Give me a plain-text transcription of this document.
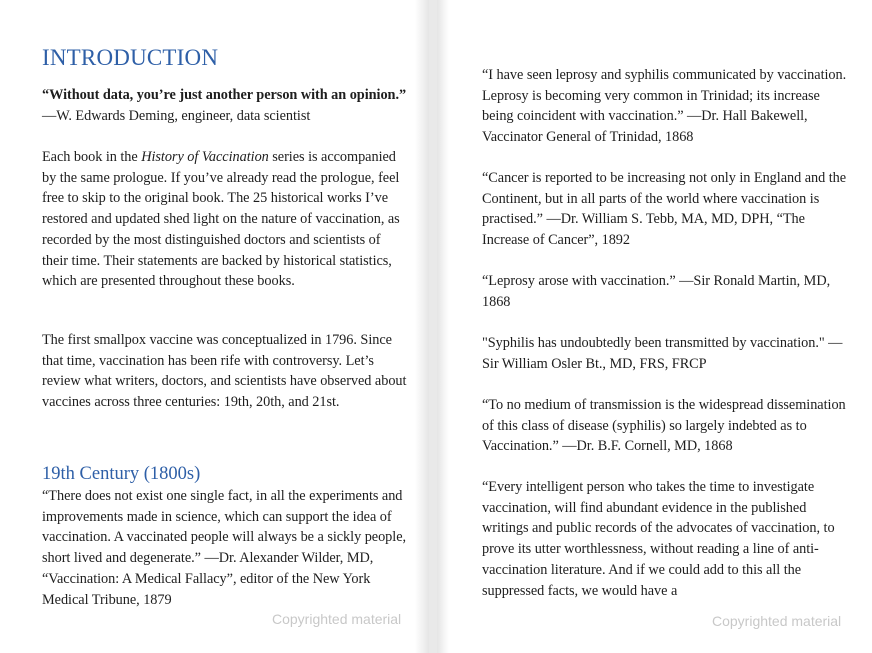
INTRODUCTION

“Without data, you’re just another person with an opinion.” —W. Edwards Deming, engineer, data scientist

Each book in the History of Vaccination series is accompanied by the same prologue. If you’ve already read the prologue, feel free to skip to the original book. The 25 historical works I’ve restored and updated shed light on the nature of vaccination, as recorded by the most distinguished doctors and scientists of their time. Their statements are backed by historical statistics, which are presented throughout these books.

The first smallpox vaccine was conceptualized in 1796. Since that time, vaccination has been rife with controversy. Let’s review what writers, doctors, and scientists have observed about vaccines across three centuries: 19th, 20th, and 21st.

19th Century (1800s)

“There does not exist one single fact, in all the experiments and improvements made in science, which can support the idea of vaccination. A vaccinated people will always be a sickly people, short lived and degenerate.” —Dr. Alexander Wilder, MD, “Vaccination: A Medical Fallacy”, editor of the New York Medical Tribune, 1879

Copyrighted material

“I have seen leprosy and syphilis communicated by vaccination. Leprosy is becoming very common in Trinidad; its increase being coincident with vaccination.” —Dr. Hall Bakewell, Vaccinator General of Trinidad, 1868

“Cancer is reported to be increasing not only in England and the Continent, but in all parts of the world where vaccination is practised.” —Dr. William S. Tebb, MA, MD, DPH, “The Increase of Cancer”, 1892

“Leprosy arose with vaccination.” —Sir Ronald Martin, MD, 1868

"Syphilis has undoubtedly been transmitted by vaccination." —Sir William Osler Bt., MD, FRS, FRCP

“To no medium of transmission is the widespread dissemination of this class of disease (syphilis) so largely indebted as to Vaccination.” —Dr. B.F. Cornell, MD, 1868

“Every intelligent person who takes the time to investigate vaccination, will find abundant evidence in the published writings and public records of the advocates of vaccination, to prove its utter worthlessness, without reading a line of anti-vaccination literature. And if we could add to this all the suppressed facts, we would have a

Copyrighted material
